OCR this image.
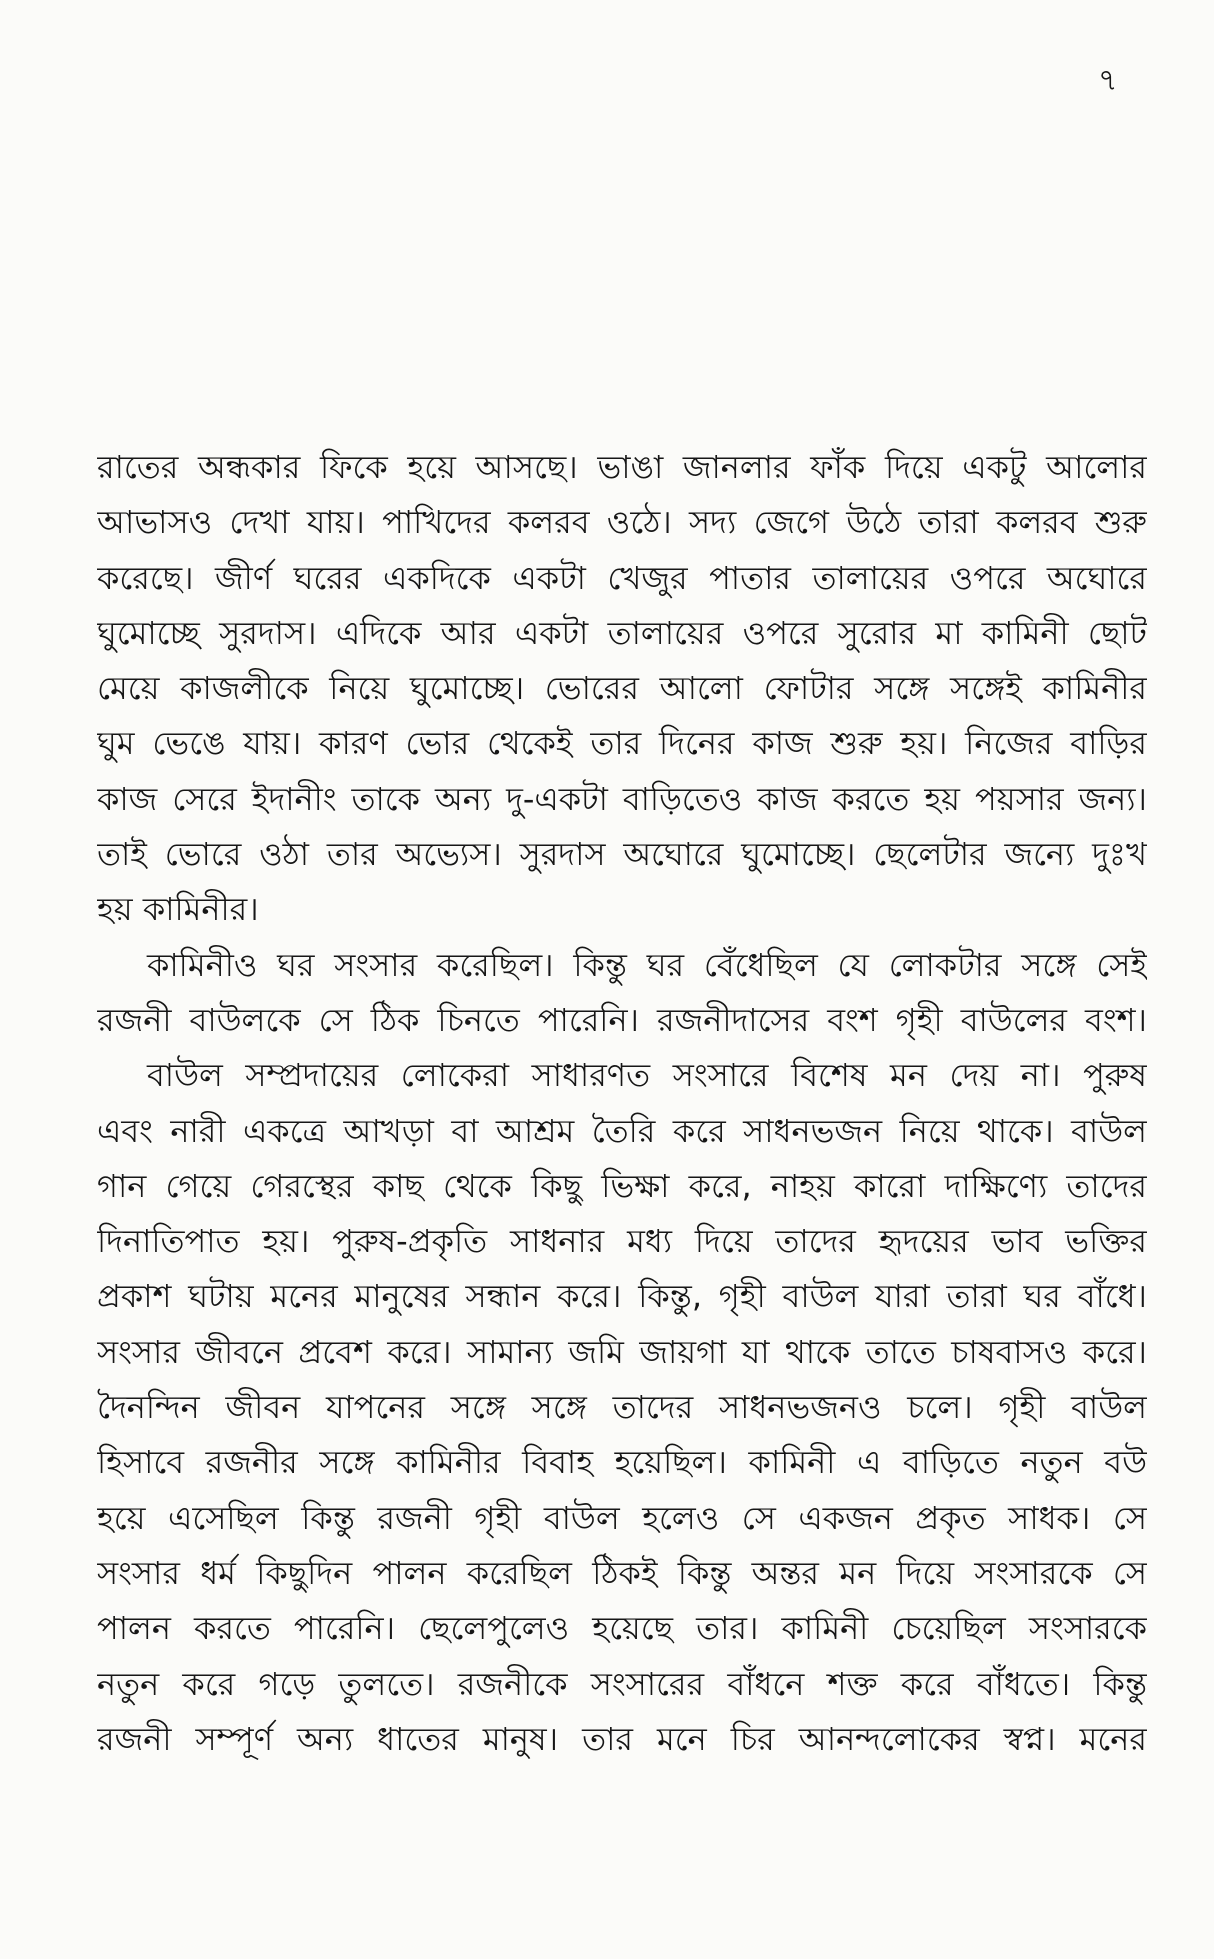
৭
রাতের অন্ধকার ফিকে হয়ে আসছে। ভাঙা জানলার ফাঁক দিয়ে একটু আলোর
আভাসও দেখা যায়। পাখিদের কলরব ওঠে। সদ্য জেগে উঠে তারা কলরব শুরু
করেছে। জীর্ণ ঘরের একদিকে একটা খেজুর পাতার তালায়ের ওপরে অঘোরে
ঘুমোচ্ছে সুরদাস। এদিকে আর একটা তালায়ের ওপরে সুরোর মা কামিনী ছোট
মেয়ে কাজলীকে নিয়ে ঘুমোচ্ছে। ভোরের আলো ফোটার সঙ্গে সঙ্গেই কামিনীর
ঘুম ভেঙে যায়। কারণ ভোর থেকেই তার দিনের কাজ শুরু হয়। নিজের বাড়ির
কাজ সেরে ইদানীং তাকে অন্য দু-একটা বাড়িতেও কাজ করতে হয় পয়সার জন্য।
তাই ভোরে ওঠা তার অভ্যেস। সুরদাস অঘোরে ঘুমোচ্ছে। ছেলেটার জন্যে দুঃখ
হয় কামিনীর।
কামিনীও ঘর সংসার করেছিল। কিন্তু ঘর বেঁধেছিল যে লোকটার সঙ্গে সেই
রজনী বাউলকে সে ঠিক চিনতে পারেনি। রজনীদাসের বংশ গৃহী বাউলের বংশ।
বাউল সম্প্রদায়ের লোকেরা সাধারণত সংসারে বিশেষ মন দেয় না। পুরুষ
এবং নারী একত্রে আখড়া বা আশ্রম তৈরি করে সাধনভজন নিয়ে থাকে। বাউল
গান গেয়ে গেরস্থের কাছ থেকে কিছু ভিক্ষা করে, নাহয় কারো দাক্ষিণ্যে তাদের
দিনাতিপাত হয়। পুরুষ-প্রকৃতি সাধনার মধ্য দিয়ে তাদের হৃদয়ের ভাব ভক্তির
প্রকাশ ঘটায় মনের মানুষের সন্ধান করে। কিন্তু, গৃহী বাউল যারা তারা ঘর বাঁধে।
সংসার জীবনে প্রবেশ করে। সামান্য জমি জায়গা যা থাকে তাতে চাষবাসও করে।
দৈনন্দিন জীবন যাপনের সঙ্গে সঙ্গে তাদের সাধনভজনও চলে। গৃহী বাউল
হিসাবে রজনীর সঙ্গে কামিনীর বিবাহ হয়েছিল। কামিনী এ বাড়িতে নতুন বউ
হয়ে এসেছিল কিন্তু রজনী গৃহী বাউল হলেও সে একজন প্রকৃত সাধক। সে
সংসার ধর্ম কিছুদিন পালন করেছিল ঠিকই কিন্তু অন্তর মন দিয়ে সংসারকে সে
পালন করতে পারেনি। ছেলেপুলেও হয়েছে তার। কামিনী চেয়েছিল সংসারকে
নতুন করে গড়ে তুলতে। রজনীকে সংসারের বাঁধনে শক্ত করে বাঁধতে। কিন্তু
রজনী সম্পূর্ণ অন্য ধাতের মানুষ। তার মনে চির আনন্দলোকের স্বপ্ন। মনের
